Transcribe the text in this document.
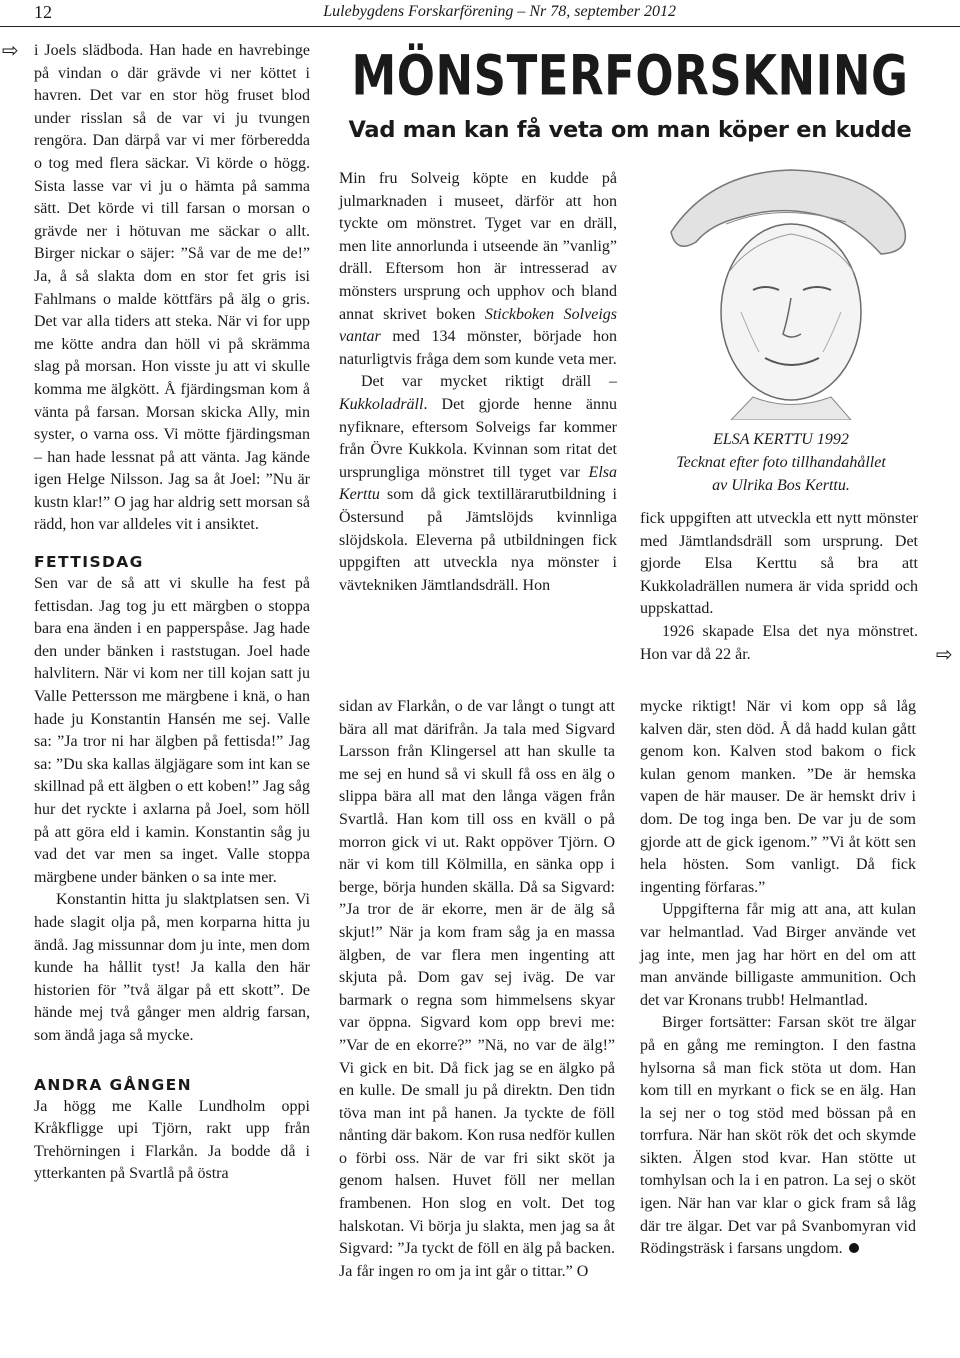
12	Lulebygdens Forskarförening – Nr 78, september 2012
⇨
⇨

i Joels slädboda. Han hade en havrebinge på vindan o där grävde vi ner köttet i havren. Det var en stor hög fruset blod under risslan så de var vi ju tvungen rengöra. Dan därpå var vi mer förberedda o tog med flera säckar. Vi körde o högg. Sista lasse var vi ju o hämta på samma sätt. Det körde vi till farsan o morsan o grävde ner i hötuvan me säckar o allt. Birger nickar o säjer: ”Så var de me de!” Ja, å så slakta dom en stor fet gris isi Fahlmans o malde köttfärs på älg o gris. Det var alla tiders att steka. När vi for upp me kötte andra dan höll vi på skrämma slag på morsan. Hon visste ju att vi skulle komma me älgkött. Å fjärdingsman kom å vänta på farsan. Morsan skicka Ally, min syster, o varna oss. Vi mötte fjärdingsman – han hade lessnat på att vänta. Jag kände igen Helge Nilsson. Jag sa åt Joel: ”Nu är kustn klar!” O jag har aldrig sett morsan så rädd, hon var alldeles vit i ansiktet.

FETTISDAG

Sen var de så att vi skulle ha fest på fettisdan. Jag tog ju ett märgben o stoppa bara ena änden i en papperspåse. Jag hade den under bänken i raststugan. Joel hade halvlitern. När vi kom ner till kojan satt ju Valle Pettersson me märgbene i knä, o han hade ju Konstantin Hansén me sej. Valle sa: ”Ja tror ni har älgben på fettisda!” Jag sa: ”Du ska kallas älgjägare som int kan se skillnad på ett älgben o ett koben!” Jag såg hur det ryckte i axlarna på Joel, som höll på att göra eld i kamin. Konstantin såg ju vad det var men sa inget. Valle stoppa märgbene under bänken o sa inte mer.

Konstantin hitta ju slaktplatsen sen. Vi hade slagit olja på, men korparna hitta ju ändå. Jag missunnar dom ju inte, men dom kunde ha hållit tyst! Ja kalla den här historien för ”två älgar på ett skott”. De hände mej två gånger men aldrig farsan, som ändå jaga så mycke.

ANDRA GÅNGEN

Ja högg me Kalle Lundholm oppi Kråkfligge upi Tjörn, rakt upp från Trehörningen i Flarkån. Ja bodde då i ytterkanten på Svartlå på östra

MÖNSTERFORSKNING
Vad man kan få veta om man köper en kudde

Min fru Solveig köpte en kudde på julmarknaden i museet, därför att hon tyckte om mönstret. Tyget var en dräll, men lite annorlunda i utseende än ”vanlig” dräll. Eftersom hon är intresserad av mönsters ursprung och upphov och bland annat skrivet boken Stickboken Solveigs vantar med 134 mönster, började hon naturligtvis fråga dem som kunde veta mer.

Det var mycket riktigt dräll – Kukkoladräll. Det gjorde henne ännu nyfiknare, eftersom Solveigs far kommer från Övre Kukkola. Kvinnan som ritat det ursprungliga mönstret till tyget var Elsa Kerttu som då gick textillärarutbildning i Östersund på Jämtslöjds kvinnliga slöjdskola. Eleverna på utbildningen fick uppgiften att utveckla nya mönster i vävtekniken Jämtlandsdräll. Hon

ELSA KERTTU 1992
Tecknat efter foto tillhandahållet
av Ulrika Bos Kerttu.

fick uppgiften att utveckla ett nytt mönster med Jämtlandsdräll som ursprung. Det gjorde Elsa Kerttu så bra att Kukkoladrällen numera är vida spridd och uppskattad.

1926 skapade Elsa det nya mönstret. Hon var då 22 år.

sidan av Flarkån, o de var långt o tungt att bära all mat därifrån. Ja tala med Sigvard Larsson från Klingersel att han skulle ta me sej en hund så vi skull få oss en älg o slippa bära all mat den långa vägen från Svartlå. Han kom till oss en kväll o på morron gick vi ut. Rakt oppöver Tjörn. O när vi kom till Kölmilla, en sänka opp i berge, börja hunden skälla. Då sa Sigvard: ”Ja tror de är ekorre, men är de älg så skjut!” När ja kom fram såg ja en massa älgben, de var flera men ingenting att skjuta på. Dom gav sej iväg. De var barmark o regna som himmelsens skyar var öppna. Sigvard kom opp brevi me: ”Var de en ekorre?” ”Nä, no var de älg!” Vi gick en bit. Då fick jag se en älgko på en kulle. De small ju på direktn. Den tidn töva man int på hanen. Ja tyckte de föll nånting där bakom. Kon rusa nedför kullen o förbi oss. När de var fri sikt sköt ja genom halsen. Huvet föll ner mellan frambenen. Hon slog en volt. Det tog halskotan. Vi börja ju slakta, men jag sa åt Sigvard: ”Ja tyckt de föll en älg på backen. Ja får ingen ro om ja int går o tittar.” O

mycke riktigt! När vi kom opp så låg kalven där, sten död. Å då hadd kulan gått genom kon. Kalven stod bakom o fick kulan genom manken. ”De är hemska vapen de här mauser. De är hemskt driv i dom. De tog inga ben. De var ju de som gjorde att de gick igenom.” ”Vi åt kött sen hela hösten. Som vanligt. Då fick ingenting förfaras.”

Uppgifterna får mig att ana, att kulan var helmantlad. Vad Birger använde vet jag inte, men jag har hört en del om att man använde billigaste ammunition. Och det var Kronans trubb! Helmantlad.

Birger fortsätter: Farsan sköt tre älgar på en gång me remington. I den fastna hylsorna så man fick stöta ut dom. Han kom till en myrkant o fick se en älg. Han la sej ner o tog stöd med bössan på en torrfura. När han sköt rök det och skymde sikten. Älgen stod kvar. Han stötte ut tomhylsan och la i en patron. La sej o sköt igen. När han var klar o gick fram så låg där tre älgar. Det var på Svanbomyran vid Rödingsträsk i farsans ungdom.
